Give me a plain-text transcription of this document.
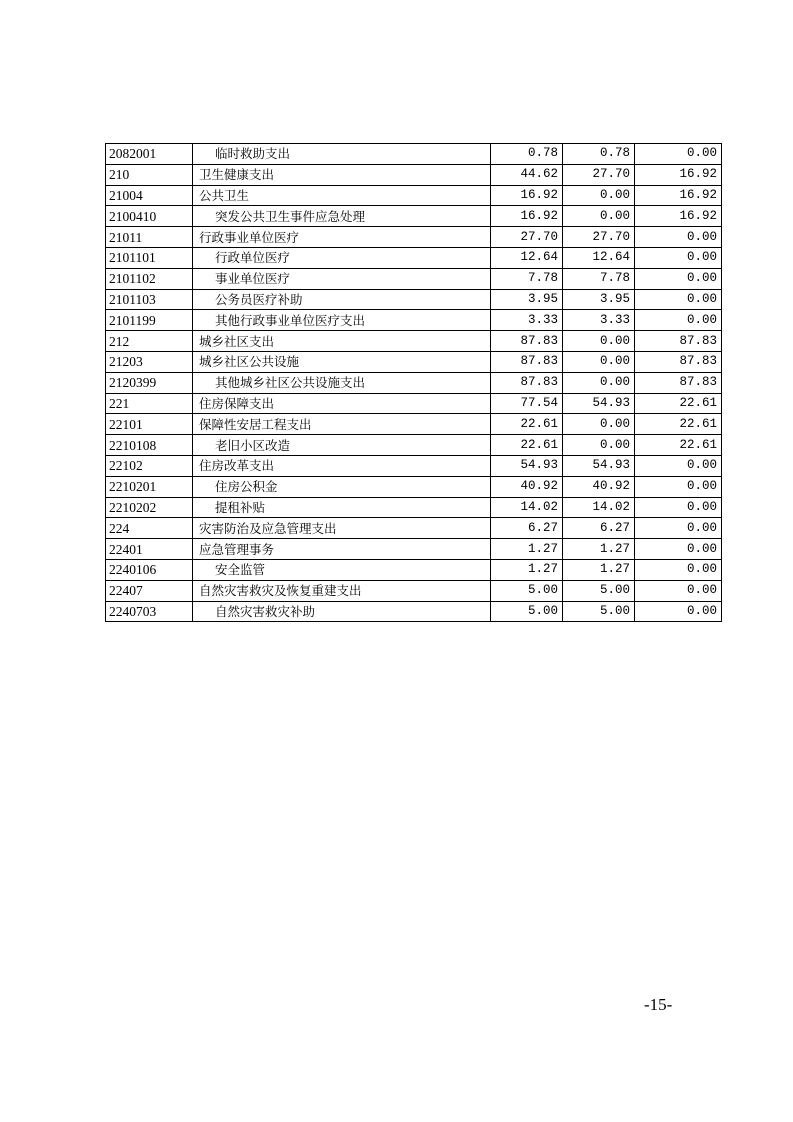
2082001	临时救助支出	0.78	0.78	0.00
210	卫生健康支出	44.62	27.70	16.92
21004	公共卫生	16.92	0.00	16.92
2100410	突发公共卫生事件应急处理	16.92	0.00	16.92
21011	行政事业单位医疗	27.70	27.70	0.00
2101101	行政单位医疗	12.64	12.64	0.00
2101102	事业单位医疗	7.78	7.78	0.00
2101103	公务员医疗补助	3.95	3.95	0.00
2101199	其他行政事业单位医疗支出	3.33	3.33	0.00
212	城乡社区支出	87.83	0.00	87.83
21203	城乡社区公共设施	87.83	0.00	87.83
2120399	其他城乡社区公共设施支出	87.83	0.00	87.83
221	住房保障支出	77.54	54.93	22.61
22101	保障性安居工程支出	22.61	0.00	22.61
2210108	老旧小区改造	22.61	0.00	22.61
22102	住房改革支出	54.93	54.93	0.00
2210201	住房公积金	40.92	40.92	0.00
2210202	提租补贴	14.02	14.02	0.00
224	灾害防治及应急管理支出	6.27	6.27	0.00
22401	应急管理事务	1.27	1.27	0.00
2240106	安全监管	1.27	1.27	0.00
22407	自然灾害救灾及恢复重建支出	5.00	5.00	0.00
2240703	自然灾害救灾补助	5.00	5.00	0.00
-15-
